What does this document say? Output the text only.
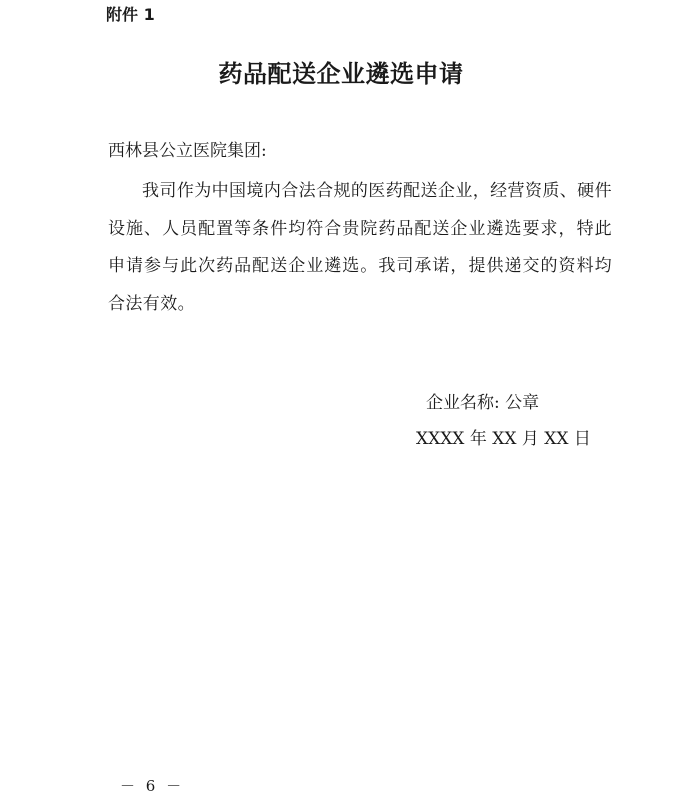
附件 1

药品配送企业遴选申请

西林县公立医院集团:

我司作为中国境内合法合规的医药配送企业，经营资质、硬件设施、人员配置等条件均符合贵院药品配送企业遴选要求，特此申请参与此次药品配送企业遴选。我司承诺，提供递交的资料均合法有效。

企业名称: 公章
XXXX 年 XX 月 XX 日

－ 6 －
